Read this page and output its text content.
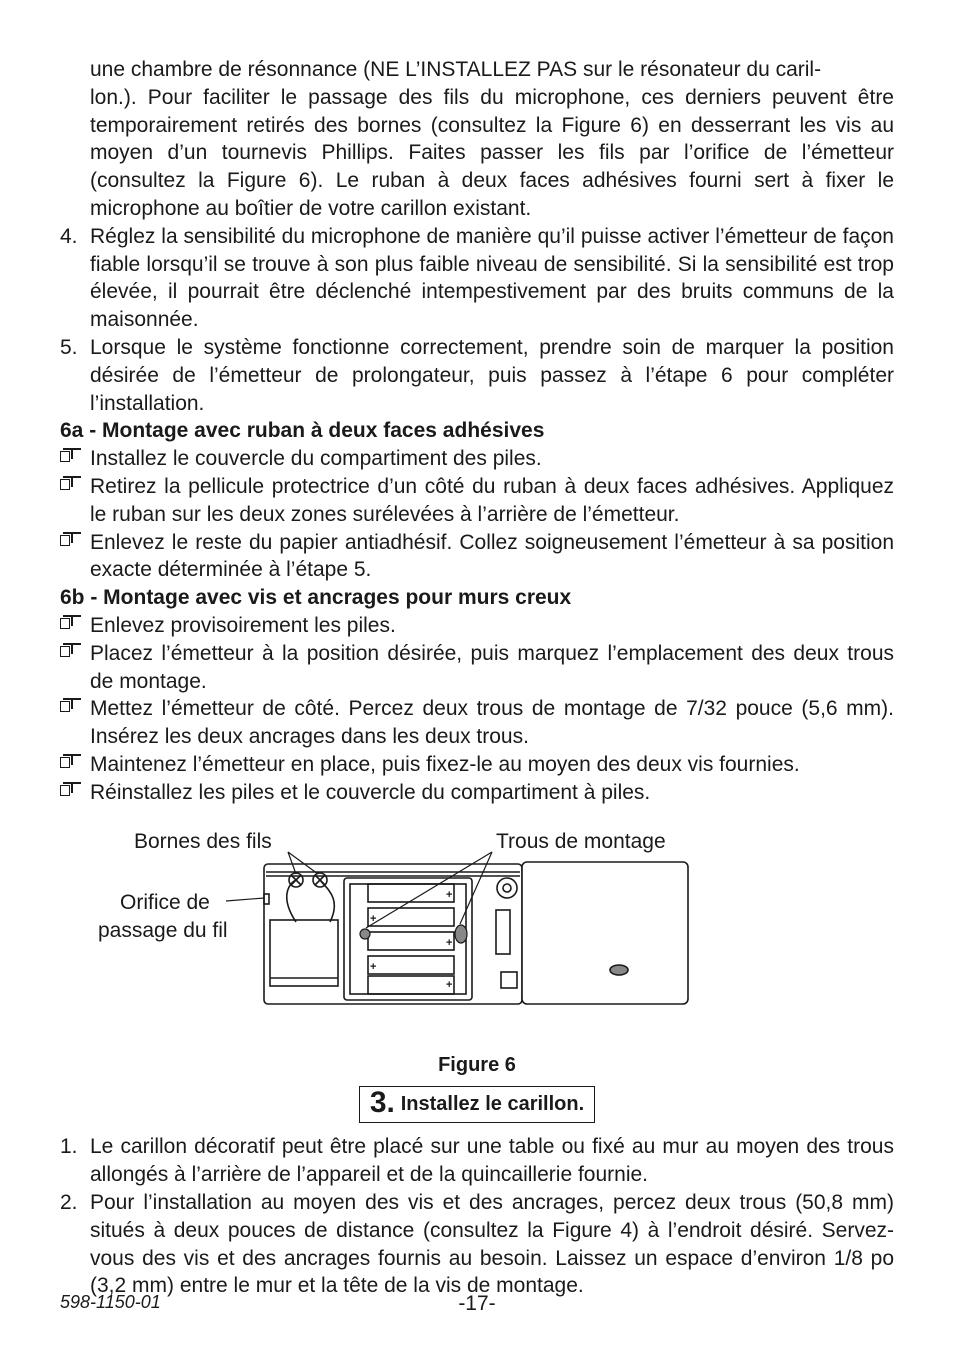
une chambre de résonnance (NE L’INSTALLEZ PAS sur le résonateur du caril-

lon.). Pour faciliter le passage des fils du microphone, ces derniers peuvent être temporairement retirés des bornes (consultez la Figure 6) en desserrant les vis au moyen d’un tournevis Phillips. Faites passer les fils par l’orifice de l’émetteur (consultez la Figure 6). Le ruban à deux faces adhésives fourni sert à fixer le microphone au boîtier de votre carillon existant.

4. Réglez la sensibilité du microphone de manière qu’il puisse activer l’émetteur de façon fiable lorsqu’il se trouve à son plus faible niveau de sensibilité. Si la sensibilité est trop élevée, il pourrait être déclenché intempestivement par des bruits communs de la maisonnée.

5. Lorsque le système fonctionne correctement, prendre soin de marquer la position désirée de l’émetteur de prolongateur, puis passez à l’étape 6 pour compléter l’installation.

6a - Montage avec ruban à deux faces adhésives

Installez le couvercle du compartiment des piles.

Retirez la pellicule protectrice d’un côté du ruban à deux faces adhésives. Appliquez le ruban sur les deux zones surélevées à l’arrière de l’émetteur.

Enlevez le reste du papier antiadhésif. Collez soigneusement l’émetteur à sa position exacte déterminée à l’étape 5.

6b - Montage avec vis et ancrages pour murs creux

Enlevez provisoirement les piles.

Placez l’émetteur à la position désirée, puis marquez l’emplacement des deux trous de montage.

Mettez l’émetteur de côté. Percez deux trous de montage de 7/32 pouce (5,6 mm). Insérez les deux ancrages dans les deux trous.

Maintenez l’émetteur en place, puis fixez-le au moyen des deux vis fournies.

Réinstallez les piles et le couvercle du compartiment à piles.

+
+
+
+
+
Bornes des fils	Trous de montage
Orifice de
passage du fil
Figure 6
3. Installez le carillon.
1. Le carillon décoratif peut être placé sur une table ou fixé au mur au moyen des trous allongés à l’arrière de l’appareil et de la quincaillerie fournie.

2. Pour l’installation au moyen des vis et des ancrages, percez deux trous (50,8 mm) situés à deux pouces de distance (consultez la Figure 4) à l’endroit désiré. Servez-vous des vis et des ancrages fournis au besoin. Laissez un espace d’environ 1/8 po (3,2 mm) entre le mur et la tête de la vis de montage.

598-1150-01	-17-
